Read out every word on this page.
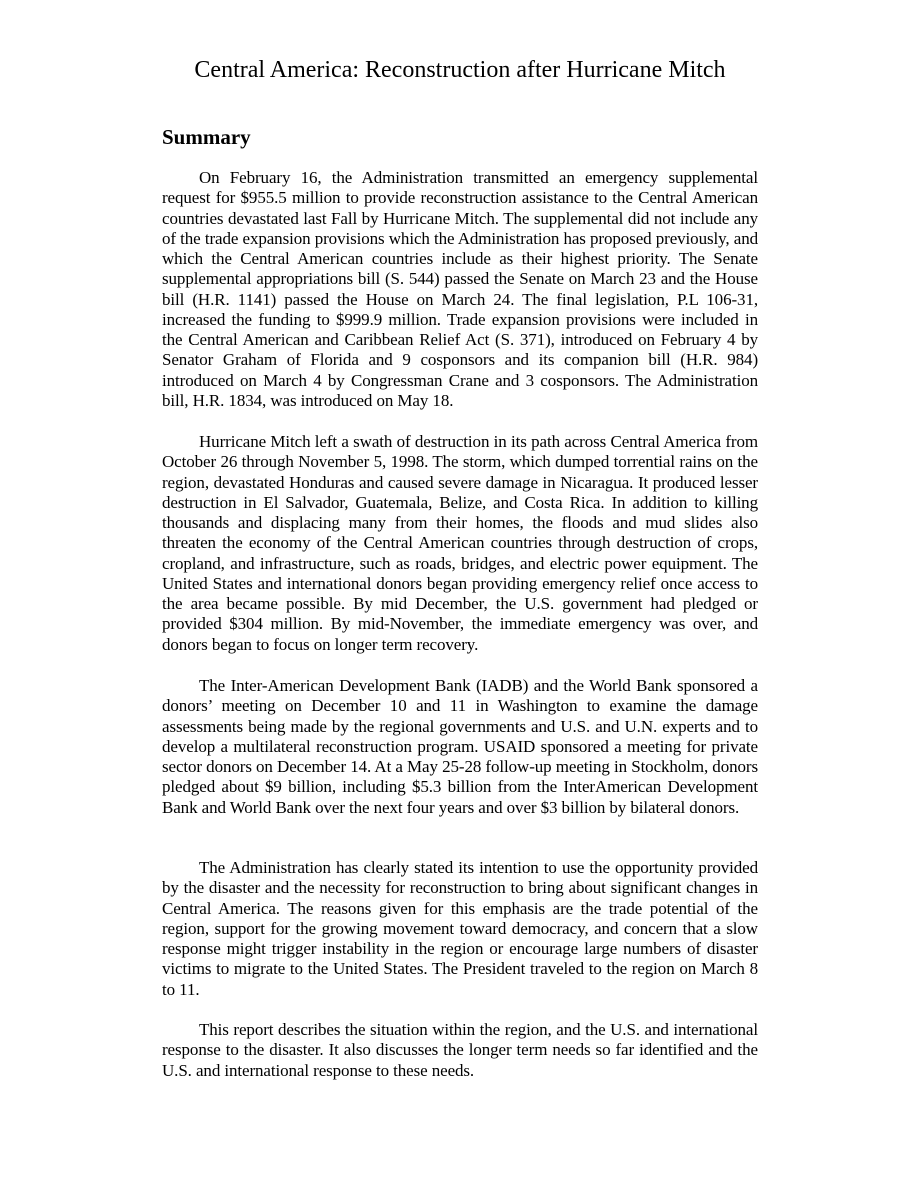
Central America: Reconstruction after Hurricane Mitch
Summary

On February 16, the Administration transmitted an emergency supplemental request for $955.5 million to provide reconstruction assistance to the Central American countries devastated last Fall by Hurricane Mitch. The supplemental did not include any of the trade expansion provisions which the Administration has proposed previously, and which the Central American countries include as their highest priority. The Senate supplemental appropriations bill (S. 544) passed the Senate on March 23 and the House bill (H.R. 1141) passed the House on March 24. The final legislation, P.L 106-31, increased the funding to $999.9 million. Trade expansion provisions were included in the Central American and Caribbean Relief Act (S. 371), introduced on February 4 by Senator Graham of Florida and 9 cosponsors and its companion bill (H.R. 984) introduced on March 4 by Congressman Crane and 3 cosponsors. The Administration bill, H.R. 1834, was introduced on May 18.

Hurricane Mitch left a swath of destruction in its path across Central America from October 26 through November 5, 1998. The storm, which dumped torrential rains on the region, devastated Honduras and caused severe damage in Nicaragua. It produced lesser destruction in El Salvador, Guatemala, Belize, and Costa Rica. In addition to killing thousands and displacing many from their homes, the floods and mud slides also threaten the economy of the Central American countries through destruction of crops, cropland, and infrastructure, such as roads, bridges, and electric power equipment. The United States and international donors began providing emergency relief once access to the area became possible. By mid December, the U.S. government had pledged or provided $304 million. By mid-November, the immediate emergency was over, and donors began to focus on longer term recovery.

The Inter-American Development Bank (IADB) and the World Bank sponsored a donors’ meeting on December 10 and 11 in Washington to examine the damage assessments being made by the regional governments and U.S. and U.N. experts and to develop a multilateral reconstruction program. USAID sponsored a meeting for private sector donors on December 14. At a May 25-28 follow-up meeting in Stockholm, donors pledged about $9 billion, including $5.3 billion from the InterAmerican Development Bank and World Bank over the next four years and over $3 billion by bilateral donors.

The Administration has clearly stated its intention to use the opportunity provided by the disaster and the necessity for reconstruction to bring about significant changes in Central America. The reasons given for this emphasis are the trade potential of the region, support for the growing movement toward democracy, and concern that a slow response might trigger instability in the region or encourage large numbers of disaster victims to migrate to the United States. The President traveled to the region on March 8 to 11.

This report describes the situation within the region, and the U.S. and international response to the disaster. It also discusses the longer term needs so far identified and the U.S. and international response to these needs.
